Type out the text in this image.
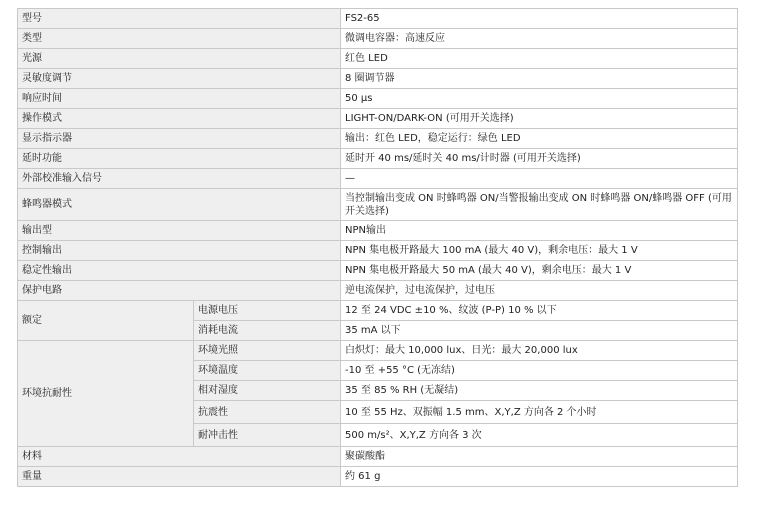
型号		FS2-65
类型		微调电容器：高速反应
光源		红色 LED
灵敏度调节		8 圈调节器
响应时间		50 µs
操作模式		LIGHT-ON/DARK-ON (可用开关选择)
显示指示器		输出：红色 LED，稳定运行：绿色 LED
延时功能		延时开 40 ms/延时关 40 ms/计时器 (可用开关选择)
外部校准输入信号		—
蜂鸣器模式		当控制输出变成 ON 时蜂鸣器 ON/当警报输出变成 ON 时蜂鸣器 ON/蜂鸣器 OFF (可用开关选择)
输出型		NPN输出
控制输出		NPN 集电极开路最大 100 mA (最大 40 V)，剩余电压：最大 1 V
稳定性输出		NPN 集电极开路最大 50 mA (最大 40 V)，剩余电压：最大 1 V
保护电路		逆电流保护，过电流保护，过电压
额定	电源电压	12 至 24 VDC ±10 %、纹波 (P-P) 10 % 以下
	消耗电流	35 mA 以下
环境抗耐性	环境光照	白炽灯：最大 10,000 lux、日光：最大 20,000 lux
	环境温度	-10 至 +55 °C (无冻结)
	相对湿度	35 至 85 % RH (无凝结)
	抗震性	10 至 55 Hz、双振幅 1.5 mm、X,Y,Z 方向各 2 个小时
	耐冲击性	500 m/s²、X,Y,Z 方向各 3 次
材料		聚碳酸酯
重量		约 61 g
